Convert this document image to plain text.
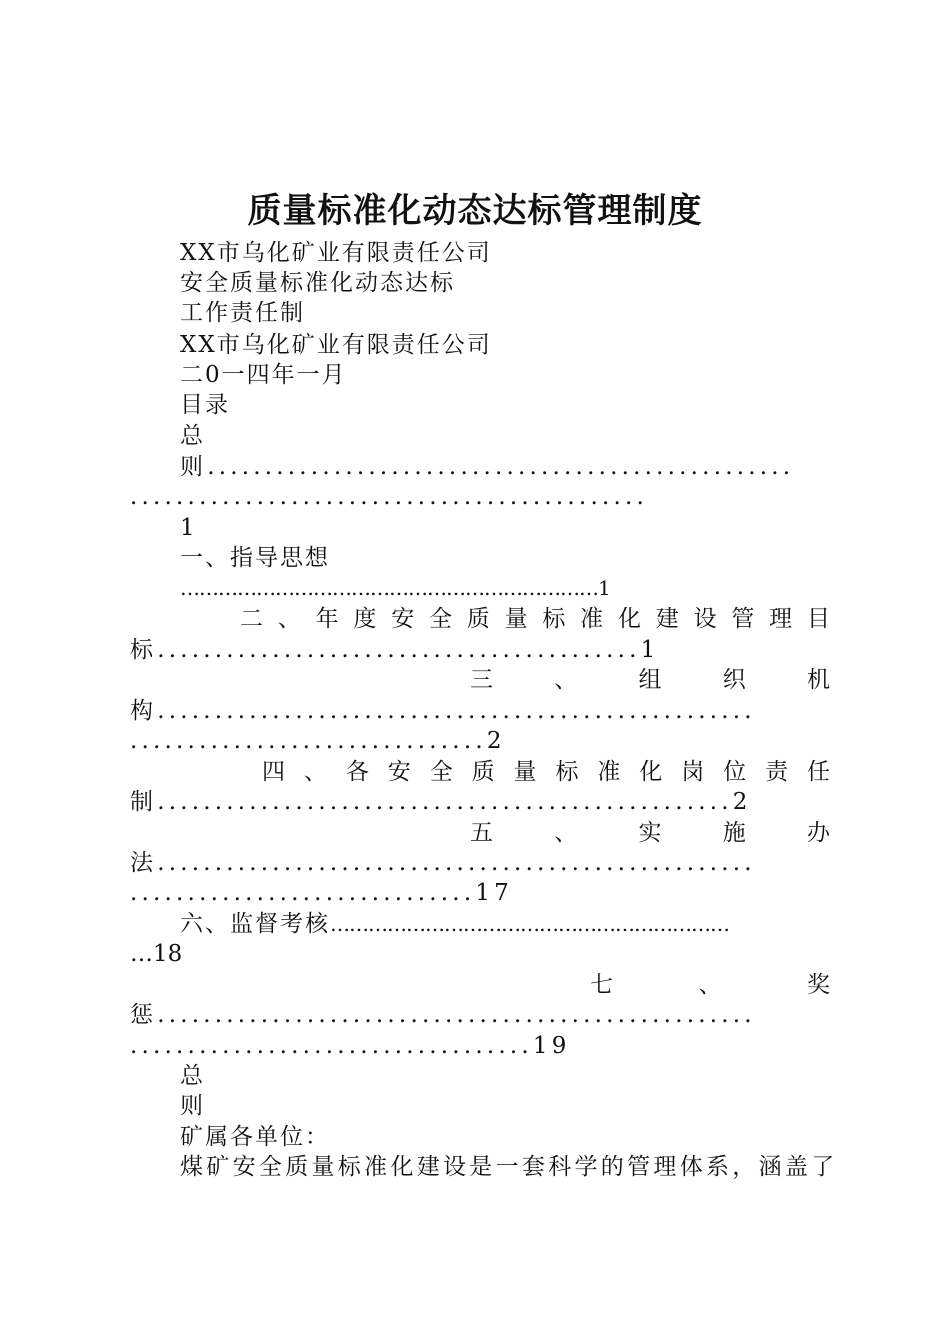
质量标准化动态达标管理制度
XX市乌化矿业有限责任公司
安全质量标准化动态达标
工作责任制
XX市乌化矿业有限责任公司
二0一四年一月
目录
总
则...................................................
.............................................
1
一、指导思想
…………………………………………………………1
二 、 年 度 安 全 质 量 标 准 化 建 设 管 理 目
标..........................................1
三	、	组	织	机
构....................................................
...............................2
四 、 各 安 全 质 量 标 准 化 岗 位 责 任
制..................................................2
五	、	实	施	办
法....................................................
..............................17
六、监督考核………………………………………………………
…18
七	、	奖
惩....................................................
...................................19
总
则
矿属各单位：
煤矿安全质量标准化建设是一套科学的管理体系，涵盖了
